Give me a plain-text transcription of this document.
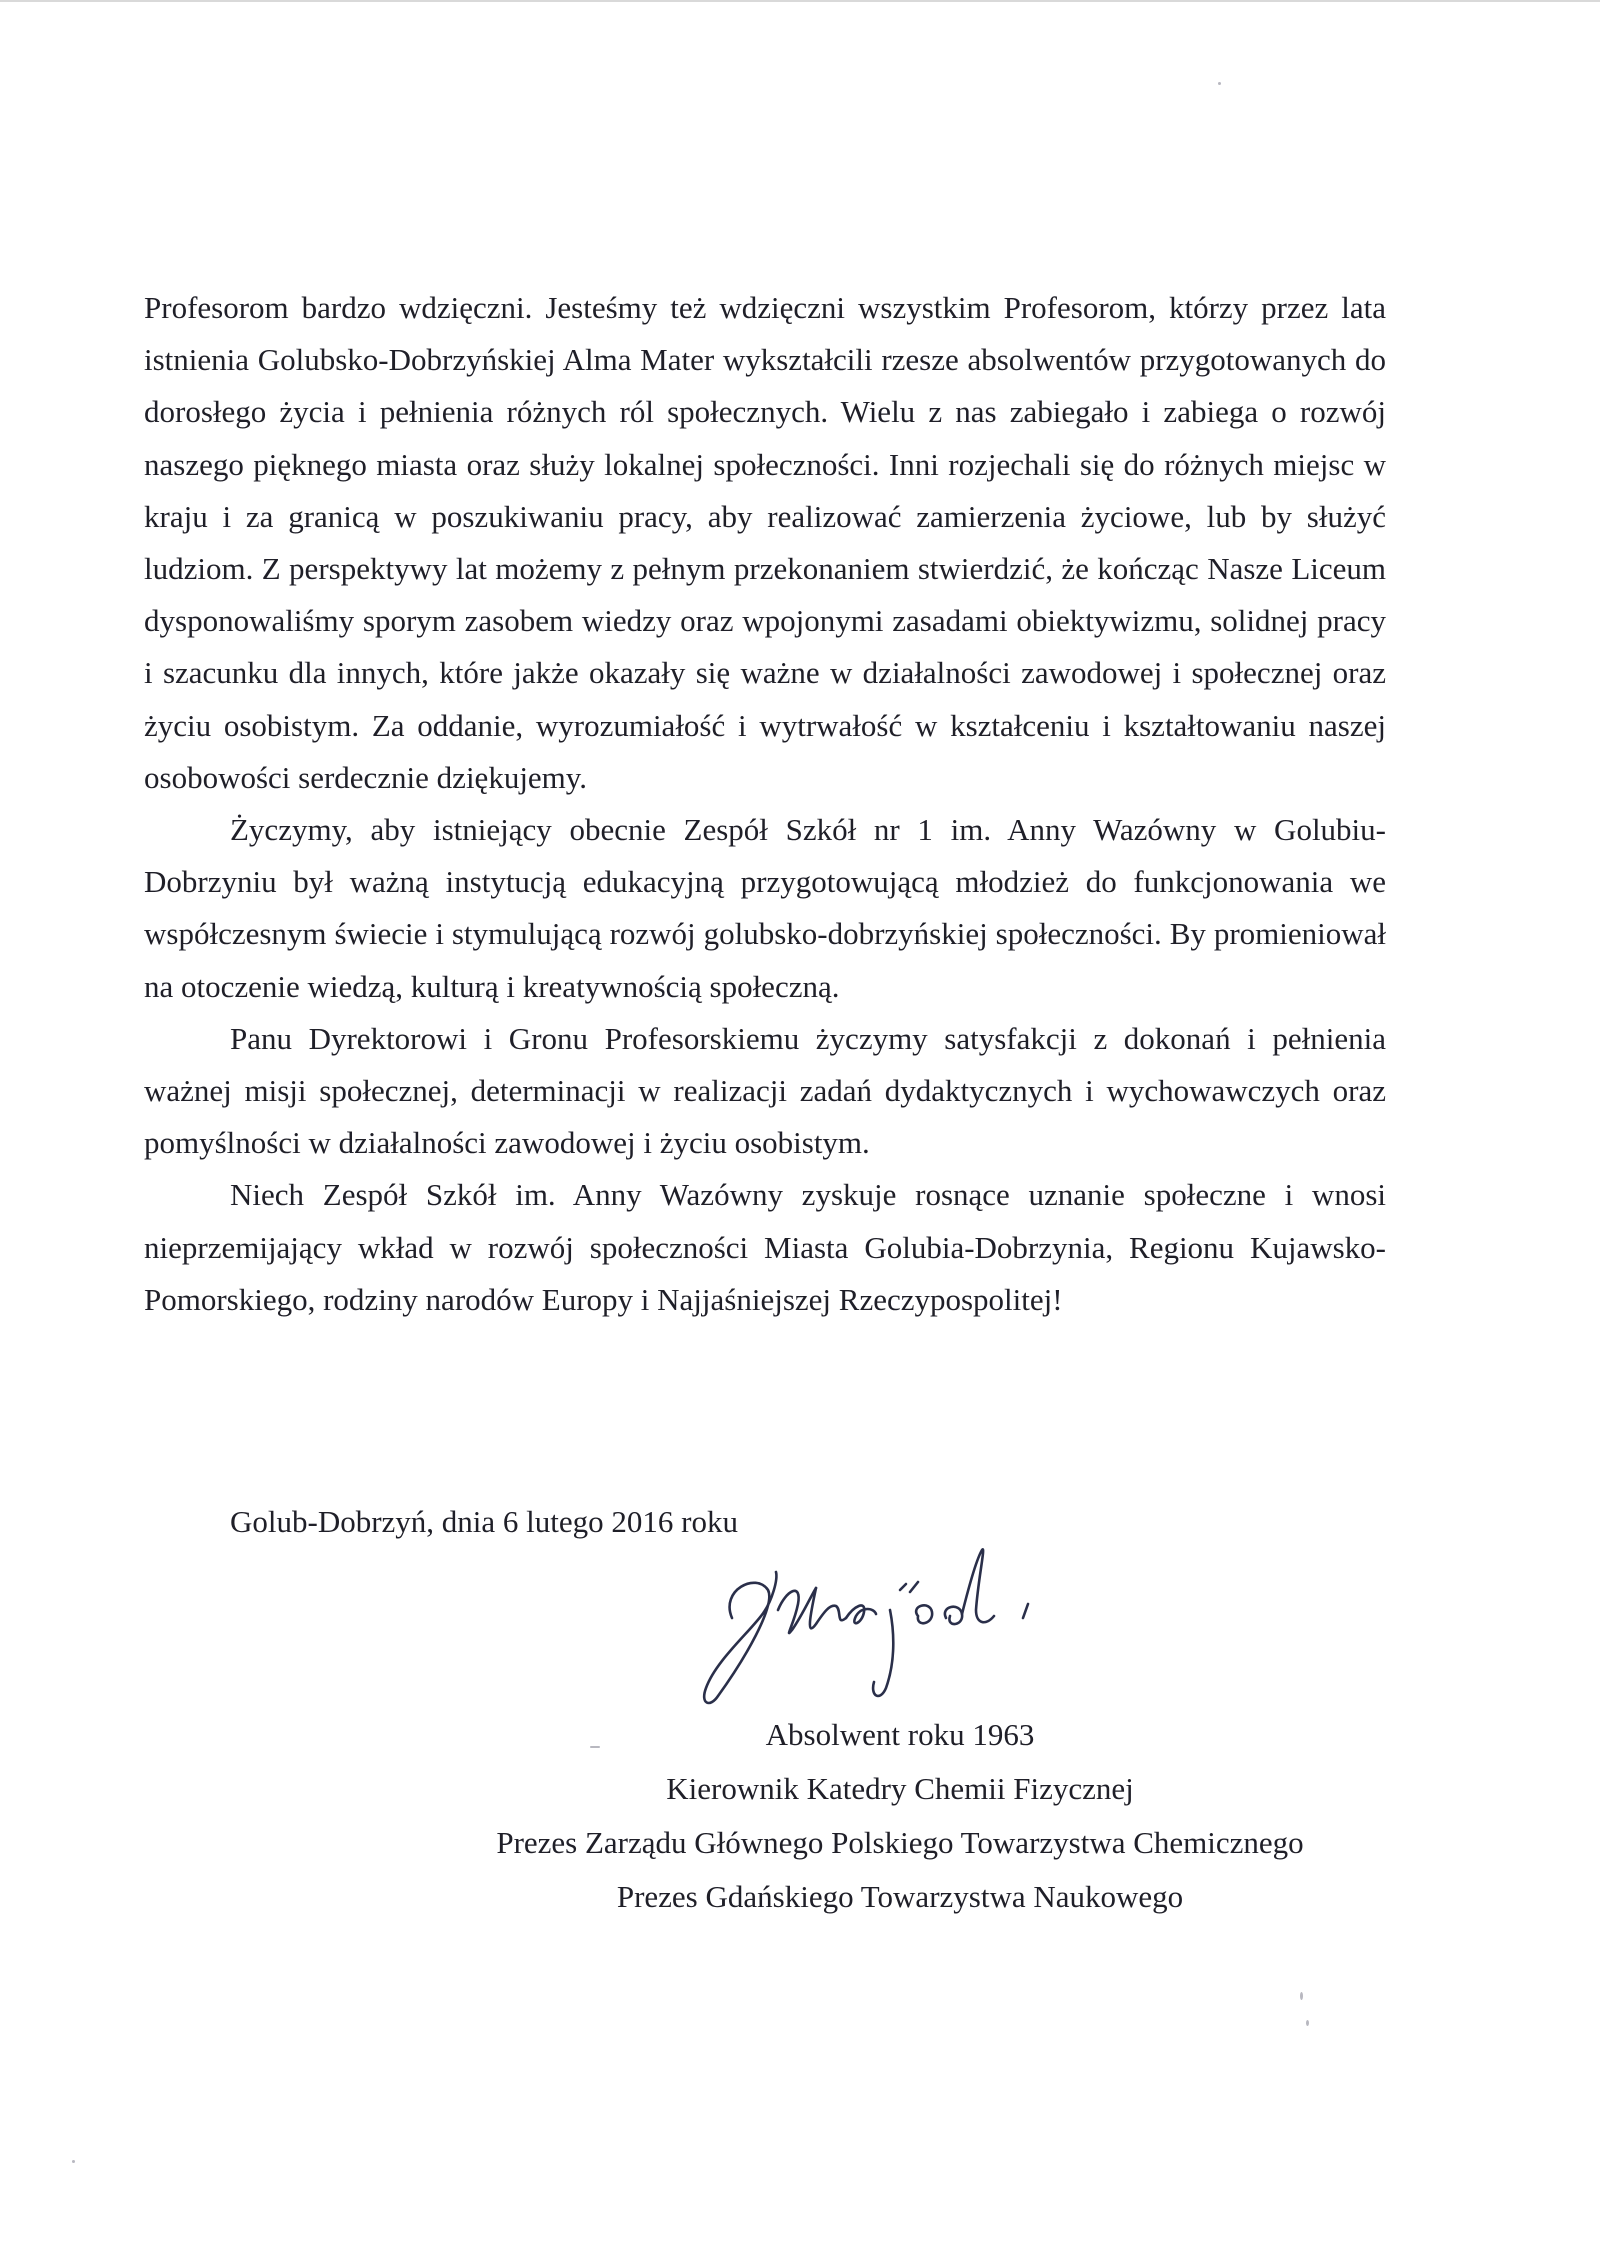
Profesorom bardzo wdzięczni. Jesteśmy też wdzięczni wszystkim Profesorom, którzy przez lata istnienia Golubsko-Dobrzyńskiej Alma Mater wykształcili rzesze absolwentów przygotowanych do dorosłego życia i pełnienia różnych ról społecznych. Wielu z nas zabiegało i zabiega o rozwój naszego pięknego miasta oraz służy lokalnej społeczności. Inni rozjechali się do różnych miejsc w kraju i za granicą w poszukiwaniu pracy, aby realizować zamierzenia życiowe, lub by służyć ludziom. Z perspektywy lat możemy z pełnym przekonaniem stwierdzić, że kończąc Nasze Liceum dysponowaliśmy sporym zasobem wiedzy oraz wpojonymi zasadami obiektywizmu, solidnej pracy i szacunku dla innych, które jakże okazały się ważne w działalności zawodowej i społecznej oraz życiu osobistym. Za oddanie, wyrozumiałość i wytrwałość w kształceniu i kształtowaniu naszej osobowości serdecznie dziękujemy.

Życzymy, aby istniejący obecnie Zespół Szkół nr 1 im. Anny Wazówny w Golubiu-Dobrzyniu był ważną instytucją edukacyjną przygotowującą młodzież do funkcjonowania we współczesnym świecie i stymulującą rozwój golubsko-dobrzyńskiej społeczności. By promieniował na otoczenie wiedzą, kulturą i kreatywnością społeczną.

Panu Dyrektorowi i Gronu Profesorskiemu życzymy satysfakcji z dokonań i pełnienia ważnej misji społecznej, determinacji w realizacji zadań dydaktycznych i wychowawczych oraz pomyślności w działalności zawodowej i życiu osobistym.

Niech Zespół Szkół im. Anny Wazówny zyskuje rosnące uznanie społeczne i wnosi nieprzemijający wkład w rozwój społeczności Miasta Golubia-Dobrzynia, Regionu Kujawsko-Pomorskiego, rodziny narodów Europy i Najjaśniejszej Rzeczypospolitej!

Golub-Dobrzyń, dnia 6 lutego 2016 roku
Absolwent roku 1963
Kierownik Katedry Chemii Fizycznej
Prezes Zarządu Głównego Polskiego Towarzystwa Chemicznego
Prezes Gdańskiego Towarzystwa Naukowego
